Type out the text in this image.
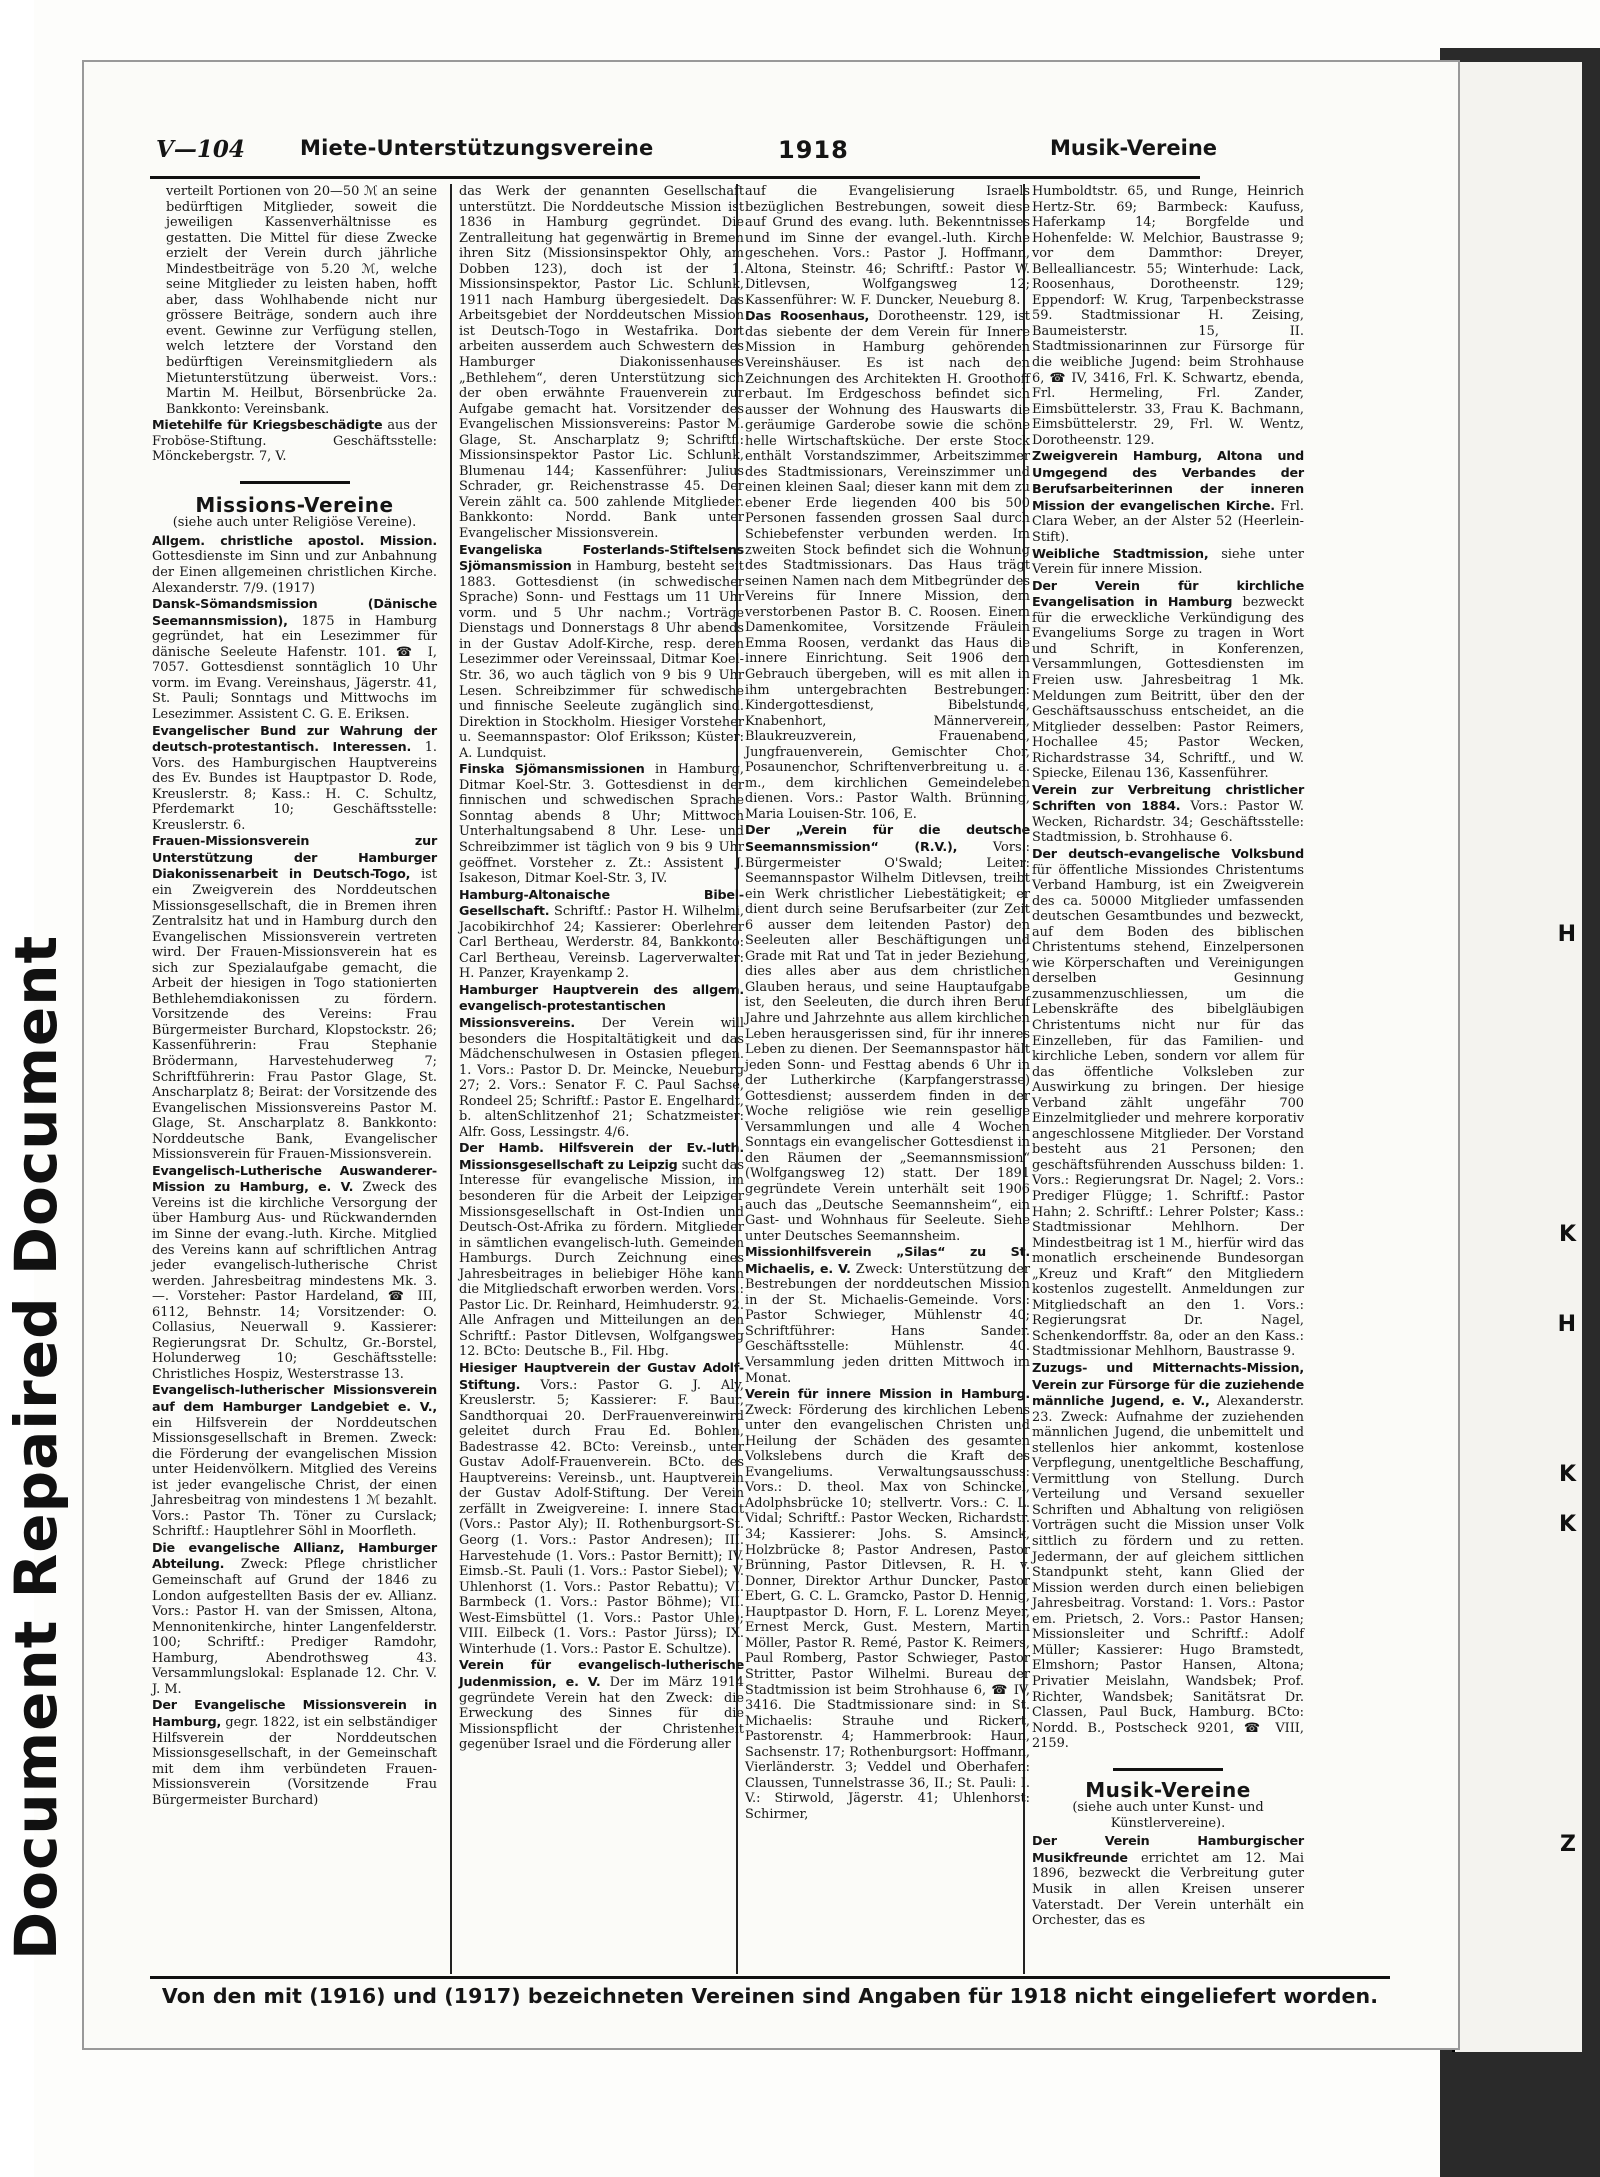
Document Repaired Document
H
K
H
K
K
Z
V—104	Miete-Unterstützungsvereine	1918	Musik-Vereine

verteilt Portionen von 20—50 ℳ an seine bedürftigen Mitglieder, soweit die jeweiligen Kassenverhältnisse es gestatten. Die Mittel für diese Zwecke erzielt der Verein durch jährliche Mindestbeiträge von 5.20 ℳ, welche seine Mitglieder zu leisten haben, hofft aber, dass Wohlhabende nicht nur grössere Beiträge, sondern auch ihre event. Gewinne zur Verfügung stellen, welch letztere der Vorstand den bedürftigen Vereinsmitgliedern als Mietunterstützung überweist. Vors.: Martin M. Heilbut, Börsenbrücke 2a. Bankkonto: Vereinsbank.

Mietehilfe für Kriegsbeschädigte aus der Froböse-Stiftung. Geschäftsstelle: Mönckebergstr. 7, V.

Missions-Vereine
(siehe auch unter Religiöse Vereine).

Allgem. christliche apostol. Mission. Gottesdienste im Sinn und zur Anbahnung der Einen allgemeinen christlichen Kirche. Alexanderstr. 7/9. (1917)

Dansk-Sömandsmission (Dänische Seemannsmission), 1875 in Hamburg gegründet, hat ein Lesezimmer für dänische Seeleute Hafenstr. 101. ☎ I, 7057. Gottesdienst sonntäglich 10 Uhr vorm. im Evang. Vereinshaus, Jägerstr. 41, St. Pauli; Sonntags und Mittwochs im Lesezimmer. Assistent C. G. E. Eriksen.

Evangelischer Bund zur Wahrung der deutsch-protestantisch. Interessen. 1. Vors. des Hamburgischen Hauptvereins des Ev. Bundes ist Hauptpastor D. Rode, Kreuslerstr. 8; Kass.: H. C. Schultz, Pferdemarkt 10; Geschäftsstelle: Kreuslerstr. 6.

Frauen-Missionsverein zur Unterstützung der Hamburger Diakonissenarbeit in Deutsch-Togo, ist ein Zweigverein des Norddeutschen Missionsgesellschaft, die in Bremen ihren Zentralsitz hat und in Hamburg durch den Evangelischen Missionsverein vertreten wird. Der Frauen-Missionsverein hat es sich zur Spezialaufgabe gemacht, die Arbeit der hiesigen in Togo stationierten Bethlehemdiakonissen zu fördern. Vorsitzende des Vereins: Frau Bürgermeister Burchard, Klopstockstr. 26; Kassenführerin: Frau Stephanie Brödermann, Harvestehuderweg 7; Schriftführerin: Frau Pastor Glage, St. Anscharplatz 8; Beirat: der Vorsitzende des Evangelischen Missionsvereins Pastor M. Glage, St. Anscharplatz 8. Bankkonto: Norddeutsche Bank, Evangelischer Missionsverein für Frauen-Missionsverein.

Evangelisch-Lutherische Auswanderer-Mission zu Hamburg, e. V. Zweck des Vereins ist die kirchliche Versorgung der über Hamburg Aus- und Rückwandernden im Sinne der evang.-luth. Kirche. Mitglied des Vereins kann auf schriftlichen Antrag jeder evangelisch-lutherische Christ werden. Jahresbeitrag mindestens Mk. 3.—. Vorsteher: Pastor Hardeland, ☎ III, 6112, Behnstr. 14; Vorsitzender: O. Collasius, Neuerwall 9. Kassierer: Regierungsrat Dr. Schultz, Gr.-Borstel, Holunderweg 10; Geschäftsstelle: Christliches Hospiz, Westerstrasse 13.

Evangelisch-lutherischer Missionsverein auf dem Hamburger Landgebiet e. V., ein Hilfsverein der Norddeutschen Missionsgesellschaft in Bremen. Zweck: die Förderung der evangelischen Mission unter Heidenvölkern. Mitglied des Vereins ist jeder evangelische Christ, der einen Jahresbeitrag von mindestens 1 ℳ bezahlt. Vors.: Pastor Th. Töner zu Curslack; Schriftf.: Hauptlehrer Söhl in Moorfleth.

Die evangelische Allianz, Hamburger Abteilung. Zweck: Pflege christlicher Gemeinschaft auf Grund der 1846 zu London aufgestellten Basis der ev. Allianz. Vors.: Pastor H. van der Smissen, Altona, Mennonitenkirche, hinter Langenfelderstr. 100; Schriftf.: Prediger Ramdohr, Hamburg, Abendrothsweg 43. Versammlungslokal: Esplanade 12. Chr. V. J. M.

Der Evangelische Missionsverein in Hamburg, gegr. 1822, ist ein selbständiger Hilfsverein der Norddeutschen Missionsgesellschaft, in der Gemeinschaft mit dem ihm verbündeten Frauen-Missionsverein (Vorsitzende Frau Bürgermeister Burchard)

das Werk der genannten Gesellschaft unterstützt. Die Norddeutsche Mission ist 1836 in Hamburg gegründet. Die Zentralleitung hat gegenwärtig in Bremen ihren Sitz (Missionsinspektor Ohly, am Dobben 123), doch ist der 1. Missionsinspektor, Pastor Lic. Schlunk, 1911 nach Hamburg übergesiedelt. Das Arbeitsgebiet der Norddeutschen Mission ist Deutsch-Togo in Westafrika. Dort arbeiten ausserdem auch Schwestern des Hamburger Diakonissenhauses „Bethlehem“, deren Unterstützung sich der oben erwähnte Frauenverein zur Aufgabe gemacht hat. Vorsitzender des Evangelischen Missionsvereins: Pastor M. Glage, St. Anscharplatz 9; Schriftf.: Missionsinspektor Pastor Lic. Schlunk, Blumenau 144; Kassenführer: Julius Schrader, gr. Reichenstrasse 45. Der Verein zählt ca. 500 zahlende Mitglieder. Bankkonto: Nordd. Bank unter Evangelischer Missionsverein.

Evangeliska Fosterlands-Stiftelsens Sjömansmission in Hamburg, besteht seit 1883. Gottesdienst (in schwedischer Sprache) Sonn- und Festtags um 11 Uhr vorm. und 5 Uhr nachm.; Vorträge Dienstags und Donnerstags 8 Uhr abends in der Gustav Adolf-Kirche, resp. deren Lesezimmer oder Vereinssaal, Ditmar Koel-Str. 36, wo auch täglich von 9 bis 9 Uhr Lesen. Schreibzimmer für schwedische und finnische Seeleute zugänglich sind. Direktion in Stockholm. Hiesiger Vorsteher u. Seemannspastor: Olof Eriksson; Küster: A. Lundquist.

Finska Sjömansmissionen in Hamburg, Ditmar Koel-Str. 3. Gottesdienst in der finnischen und schwedischen Sprache Sonntag abends 8 Uhr; Mittwoch Unterhaltungsabend 8 Uhr. Lese- und Schreibzimmer ist täglich von 9 bis 9 Uhr geöffnet. Vorsteher z. Zt.: Assistent J. Isakeson, Ditmar Koel-Str. 3, IV.

Hamburg-Altonaische Bibel-Gesellschaft. Schriftf.: Pastor H. Wilhelmi, Jacobikirchhof 24; Kassierer: Oberlehrer Carl Bertheau, Werderstr. 84, Bankkonto: Carl Bertheau, Vereinsb. Lagerverwalter: H. Panzer, Krayenkamp 2.

Hamburger Hauptverein des allgem. evangelisch-protestantischen Missionsvereins. Der Verein will besonders die Hospitaltätigkeit und das Mädchenschulwesen in Ostasien pflegen. 1. Vors.: Pastor D. Dr. Meincke, Neueburg 27; 2. Vors.: Senator F. C. Paul Sachse, Rondeel 25; Schriftf.: Pastor E. Engelhardt, b. altenSchlitzenhof 21; Schatzmeister: Alfr. Goss, Lessingstr. 4/6.

Der Hamb. Hilfsverein der Ev.-luth. Missionsgesellschaft zu Leipzig sucht das Interesse für evangelische Mission, im besonderen für die Arbeit der Leipziger Missionsgesellschaft in Ost-Indien und Deutsch-Ost-Afrika zu fördern. Mitglieder in sämtlichen evangelisch-luth. Gemeinden Hamburgs. Durch Zeichnung eines Jahresbeitrages in beliebiger Höhe kann die Mitgliedschaft erworben werden. Vors.: Pastor Lic. Dr. Reinhard, Heimhuderstr. 92. Alle Anfragen und Mitteilungen an den Schriftf.: Pastor Ditlevsen, Wolfgangsweg 12. BCto: Deutsche B., Fil. Hbg.

Hiesiger Hauptverein der Gustav Adolf-Stiftung. Vors.: Pastor G. J. Aly, Kreuslerstr. 5; Kassierer: F. Baur, Sandthorquai 20. DerFrauenvereinwird geleitet durch Frau Ed. Bohlen, Badestrasse 42. BCto: Vereinsb., unter Gustav Adolf-Frauenverein. BCto. des Hauptvereins: Vereinsb., unt. Hauptverein der Gustav Adolf-Stiftung. Der Verein zerfällt in Zweigvereine: I. innere Stadt (Vors.: Pastor Aly); II. Rothenburgsort-St. Georg (1. Vors.: Pastor Andresen); III. Harvestehude (1. Vors.: Pastor Bernitt); IV. Eimsb.-St. Pauli (1. Vors.: Pastor Siebel); V. Uhlenhorst (1. Vors.: Pastor Rebattu); VI. Barmbeck (1. Vors.: Pastor Böhme); VII. West-Eimsbüttel (1. Vors.: Pastor Uhle); VIII. Eilbeck (1. Vors.: Pastor Jürss); IX. Winterhude (1. Vors.: Pastor E. Schultze).

Verein für evangelisch-lutherische Judenmission, e. V. Der im März 1914 gegründete Verein hat den Zweck: die Erweckung des Sinnes für die Missionspflicht der Christenheit gegenüber Israel und die Förderung aller

auf die Evangelisierung Israels bezüglichen Bestrebungen, soweit diese auf Grund des evang. luth. Bekenntnisses und im Sinne der evangel.-luth. Kirche geschehen. Vors.: Pastor J. Hoffmann, Altona, Steinstr. 46; Schriftf.: Pastor W. Ditlevsen, Wolfgangsweg 12; Kassenführer: W. F. Duncker, Neueburg 8.

Das Roosenhaus, Dorotheenstr. 129, ist das siebente der dem Verein für Innere Mission in Hamburg gehörenden Vereinshäuser. Es ist nach den Zeichnungen des Architekten H. Groothoff erbaut. Im Erdgeschoss befindet sich ausser der Wohnung des Hauswarts die geräumige Garderobe sowie die schöne helle Wirtschaftsküche. Der erste Stock enthält Vorstandszimmer, Arbeitszimmer des Stadtmissionars, Vereinszimmer und einen kleinen Saal; dieser kann mit dem zu ebener Erde liegenden 400 bis 500 Personen fassenden grossen Saal durch Schiebefenster verbunden werden. Im zweiten Stock befindet sich die Wohnung des Stadtmissionars. Das Haus trägt seinen Namen nach dem Mitbegründer des Vereins für Innere Mission, dem verstorbenen Pastor B. C. Roosen. Einem Damenkomitee, Vorsitzende Fräulein Emma Roosen, verdankt das Haus die innere Einrichtung. Seit 1906 dem Gebrauch übergeben, will es mit allen in ihm untergebrachten Bestrebungen: Kindergottesdienst, Bibelstunde, Knabenhort, Männerverein, Blaukreuzverein, Frauenabend, Jungfrauenverein, Gemischter Chor, Posaunenchor, Schriftenverbreitung u. a. m., dem kirchlichen Gemeindeleben dienen. Vors.: Pastor Walth. Brünning, Maria Louisen-Str. 106, E.

Der „Verein für die deutsche Seemannsmission“ (R.V.),	Vors.: Bürgermeister O'Swald; Leiter: Seemannspastor Wilhelm Ditlevsen, treibt ein Werk christlicher Liebestätigkeit; er dient durch seine Berufsarbeiter (zur Zeit 6 ausser dem leitenden Pastor) den Seeleuten aller Beschäftigungen und Grade mit Rat und Tat in jeder Beziehung, dies alles aber aus dem christlichen Glauben heraus, und seine Hauptaufgabe ist, den Seeleuten, die durch ihren Beruf Jahre und Jahrzehnte aus allem kirchlichen Leben herausgerissen sind, für ihr inneres Leben zu dienen. Der Seemannspastor hält jeden Sonn- und Festtag abends 6 Uhr in der Lutherkirche (Karpfangerstrasse) Gottesdienst; ausserdem finden in der Woche religiöse wie rein gesellige Versammlungen und alle 4 Wochen Sonntags ein evangelischer Gottesdienst in den Räumen der „Seemannsmission“ (Wolfgangsweg 12) statt. Der 1891 gegründete Verein unterhält seit 1906 auch das „Deutsche Seemannsheim“, ein Gast- und Wohnhaus für Seeleute. Siehe unter Deutsches Seemannsheim.

Missionhilfsverein „Silas“ zu St. Michaelis, e. V. Zweck: Unterstützung der Bestrebungen der norddeutschen Mission in der St. Michaelis-Gemeinde. Vors.: Pastor Schwieger, Mühlenstr 40; Schriftführer: Hans Sander. Geschäftsstelle: Mühlenstr. 40. Versammlung jeden dritten Mittwoch im Monat.

Verein für innere Mission in Hamburg. Zweck: Förderung des kirchlichen Lebens unter den evangelischen Christen und Heilung der Schäden des gesamten Volkslebens durch die Kraft des Evangeliums. Verwaltungsausschuss: Vors.: D. theol. Max von Schinckel, Adolphsbrücke 10; stellvertr. Vors.: C. L. Vidal; Schriftf.: Pastor Wecken, Richardstr. 34; Kassierer: Johs. S. Amsinck, Holzbrücke 8; Pastor Andresen, Pastor Brünning, Pastor Ditlevsen, R. H. v. Donner, Direktor Arthur Duncker, Pastor Ebert, G. C. L. Gramcko, Pastor D. Hennig, Hauptpastor D. Horn, F. L. Lorenz Meyer, Ernest Merck, Gust. Mestern, Martin Möller, Pastor R. Remé, Pastor K. Reimers, Paul Romberg, Pastor Schwieger, Pastor Stritter, Pastor Wilhelmi. Bureau der Stadtmission ist beim Strohhause 6, ☎ IV, 3416. Die Stadtmissionare sind: in St. Michaelis: Strauhe und Rickert, Pastorenstr. 4; Hammerbrook: Haun, Sachsenstr. 17; Rothenburgsort: Hoffmann, Vierländerstr. 3; Veddel und Oberhafen: Claussen, Tunnelstrasse 36, II.; St. Pauli: I. V.: Stirwold, Jägerstr. 41; Uhlenhorst: Schirmer,

Humboldtstr. 65, und Runge, Heinrich Hertz-Str. 69; Barmbeck: Kaufuss, Haferkamp 14; Borgfelde und Hohenfelde: W. Melchior, Baustrasse 9; vor dem Dammthor: Dreyer, Bellealliancestr. 55; Winterhude: Lack, Roosenhaus, Dorotheenstr. 129; Eppendorf: W. Krug, Tarpenbeckstrasse 59. Stadtmissionar H. Zeising, Baumeisterstr. 15, II. Stadtmissionarinnen zur Fürsorge für die weibliche Jugend: beim Strohhause 6, ☎ IV, 3416, Frl. K. Schwartz, ebenda, Frl. Hermeling, Frl. Zander, Eimsbüttelerstr. 33, Frau K. Bachmann, Eimsbüttelerstr. 29, Frl. W. Wentz, Dorotheenstr. 129.

Zweigverein Hamburg, Altona und Umgegend des Verbandes der Berufsarbeiterinnen der inneren Mission der evangelischen Kirche. Frl. Clara Weber, an der Alster 52 (Heerlein-Stift).

Weibliche Stadtmission, siehe unter Verein für innere Mission.

Der Verein für kirchliche Evangelisation in Hamburg bezweckt für die erweckliche Verkündigung des Evangeliums Sorge zu tragen in Wort und Schrift, in Konferenzen, Versammlungen, Gottesdiensten im Freien usw. Jahresbeitrag 1 Mk. Meldungen zum Beitritt, über den der Geschäftsausschuss entscheidet, an die Mitglieder desselben: Pastor Reimers, Hochallee 45; Pastor Wecken, Richardstrasse 34, Schriftf., und W. Spiecke, Eilenau 136, Kassenführer.

Verein zur Verbreitung christlicher Schriften von 1884. Vors.: Pastor W. Wecken, Richardstr. 34; Geschäftsstelle: Stadtmission, b. Strohhause 6.

Der deutsch-evangelische Volksbund für öffentliche Missiondes Christentums Verband Hamburg, ist ein Zweigverein des ca. 50000 Mitglieder umfassenden deutschen Gesamtbundes und bezweckt, auf dem Boden des biblischen Christentums stehend, Einzelpersonen wie Körperschaften und Vereinigungen derselben Gesinnung zusammenzuschliessen, um die Lebenskräfte des bibelgläubigen Christentums nicht nur für das Einzelleben, für das Familien- und kirchliche Leben, sondern vor allem für das öffentliche Volksleben zur Auswirkung zu bringen. Der hiesige Verband zählt ungefähr 700 Einzelmitglieder und mehrere korporativ angeschlossene Mitglieder. Der Vorstand besteht aus 21 Personen; den geschäftsführenden Ausschuss bilden: 1. Vors.: Regierungsrat Dr. Nagel; 2. Vors.: Prediger Flügge; 1. Schriftf.: Pastor Hahn; 2. Schriftf.: Lehrer Polster; Kass.: Stadtmissionar Mehlhorn. Der Mindestbeitrag ist 1 M., hierfür wird das monatlich erscheinende Bundesorgan „Kreuz und Kraft“ den Mitgliedern kostenlos zugestellt. Anmeldungen zur Mitgliedschaft an den 1. Vors.: Regierungsrat Dr. Nagel, Schenkendorffstr. 8a, oder an den Kass.: Stadtmissionar Mehlhorn, Baustrasse 9.

Zuzugs- und Mitternachts-Mission, Verein zur Fürsorge für die zuziehende männliche Jugend, e. V., Alexanderstr. 23. Zweck: Aufnahme der zuziehenden männlichen Jugend, die unbemittelt und stellenlos hier ankommt, kostenlose Verpflegung, unentgeltliche Beschaffung, Vermittlung von Stellung. Durch Verteilung und Versand sexueller Schriften und Abhaltung von religiösen Vorträgen sucht die Mission unser Volk sittlich zu fördern und zu retten. Jedermann, der auf gleichem sittlichen Standpunkt steht, kann Glied der Mission werden durch einen beliebigen Jahresbeitrag. Vorstand: 1. Vors.: Pastor em. Prietsch, 2. Vors.: Pastor Hansen; Missionsleiter und Schriftf.: Adolf Müller; Kassierer: Hugo Bramstedt, Elmshorn; Pastor Hansen, Altona; Privatier Meislahn, Wandsbek; Prof. Richter, Wandsbek; Sanitätsrat Dr. Classen, Paul Buck, Hamburg. BCto: Nordd. B., Postscheck 9201, ☎ VIII, 2159.

Musik-Vereine
(siehe auch unter Kunst- und Künstlervereine).

Der Verein Hamburgischer Musikfreunde errichtet am 12. Mai 1896, bezweckt die Verbreitung guter Musik in allen Kreisen unserer Vaterstadt. Der Verein unterhält ein Orchester, das es

Von den mit (1916) und (1917) bezeichneten Vereinen sind Angaben für 1918 nicht eingeliefert worden.
